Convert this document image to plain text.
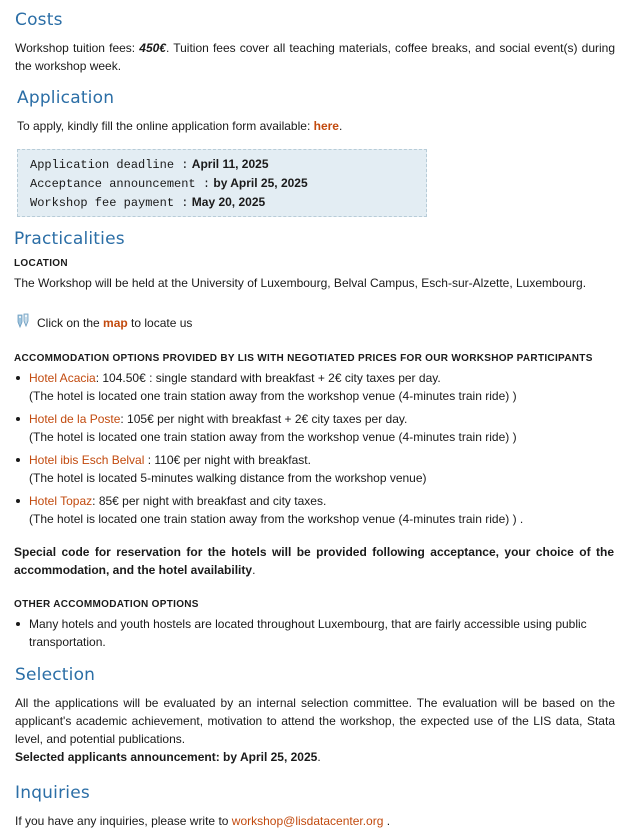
Costs

Workshop tuition fees: 450€. Tuition fees cover all teaching materials, coffee breaks, and social event(s) during the workshop week.

Application

To apply, kindly fill the online application form available: here.

Application deadline : April 11, 2025
Acceptance announcement : by April 25, 2025
Workshop fee payment : May 20, 2025
Practicalities
LOCATION

The Workshop will be held at the University of Luxembourg, Belval Campus, Esch-sur-Alzette, Luxembourg.

Click on the map to locate us

ACCOMMODATION OPTIONS PROVIDED BY LIS WITH NEGOTIATED PRICES FOR OUR WORKSHOP PARTICIPANTS
Hotel Acacia: 104.50€ : single standard with breakfast + 2€ city taxes per day.
(The hotel is located one train station away from the workshop venue (4-minutes train ride) )
Hotel de la Poste: 105€ per night with breakfast + 2€ city taxes per day.
(The hotel is located one train station away from the workshop venue (4-minutes train ride) )
Hotel ibis Esch Belval : 110€ per night with breakfast.
(The hotel is located 5-minutes walking distance from the workshop venue)
Hotel Topaz: 85€ per night with breakfast and city taxes.
(The hotel is located one train station away from the workshop venue (4-minutes train ride) ) .

Special code for reservation for the hotels will be provided following acceptance, your choice of the accommodation, and the hotel availability.

OTHER ACCOMMODATION OPTIONS
Many hotels and youth hostels are located throughout Luxembourg, that are fairly accessible using public transportation.
Selection

All the applications will be evaluated by an internal selection committee. The evaluation will be based on the applicant's academic achievement, motivation to attend the workshop, the expected use of the LIS data, Stata level, and potential publications.

Selected applicants announcement: by April 25, 2025.

Inquiries

If you have any inquiries, please write to workshop@lisdatacenter.org .
